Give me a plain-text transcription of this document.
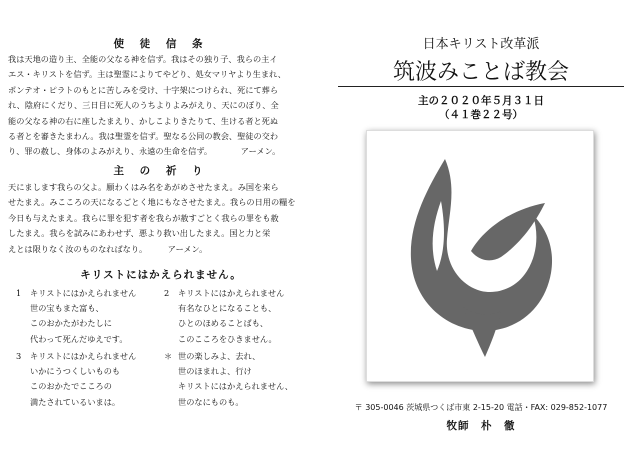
使 徒 信 条

我は天地の造り主、全能の父なる神を信ず。我はその独り子、我らの主イ
エス・キリストを信ず。主は聖霊によりてやどり、処女マリヤより生まれ、
ポンテオ・ピラトのもとに苦しみを受け、十字架につけられ、死にて葬ら
れ、陰府にくだり、三日目に死人のうちよりよみがえり、天にのぼり、全
能の父なる神の右に座したまえり、かしこよりきたりて、生ける者と死ぬ
る者とを審きたまわん。我は聖霊を信ず。聖なる公同の教会、聖徒の交わ
り、罪の赦し、身体のよみがえり、永遠の生命を信ず。　　　　アーメン。

主 の 祈 り

天にまします我らの父よ。願わくはみ名をあがめさせたまえ。み国を来ら
せたまえ。みこころの天になるごとく地にもなさせたまえ。我らの日用の糧を
今日も与えたまえ。我らに罪を犯す者を我らが赦すごとく我らの罪をも赦
したまえ。我らを試みにあわせず、悪より救い出したまえ。国と力と栄
えとは限りなく汝のものなればなり。　　　アーメン。

キリストにはかえられません。
1	キリストにはかえられません
世の宝もまた富も、
このおかたがわたしに
代わって死んだゆえです。
2	キリストにはかえられません
有名なひとになることも、
ひとのほめることばも、
このこころをひきません。
3	キリストにはかえられません
いかにうつくしいものも
このおかたでこころの
満たされているいまは。
＊ 世の楽しみよ、去れ、
世のほまれよ、行け
キリストにはかえられません、
世のなにものも。
日本キリスト改革派
筑波みことば教会
主の２０２０年５月３１日
（４１巻２２号）
〒 305-0046 茨城県つくば市東 2-15-20 電話・FAX: 029-852-1077
牧師　朴　徹
